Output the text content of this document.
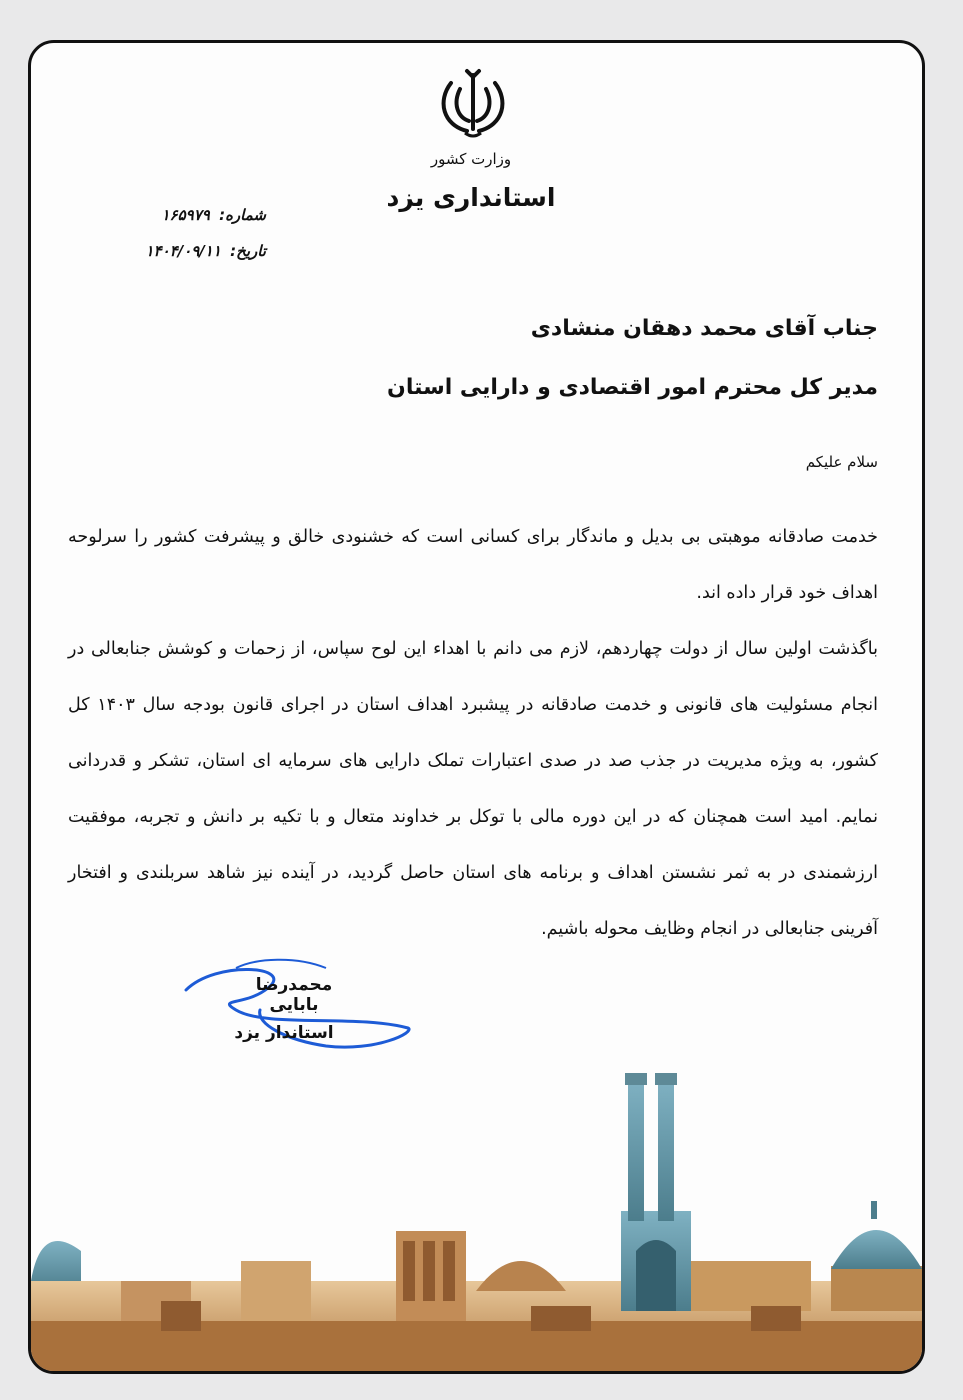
وزارت کشور
استانداری یزد
شماره: ۱۶۵۹۷۹
تاریخ: ۱۴۰۴/۰۹/۱۱
جناب آقای محمد دهقان منشادی
مدیر کل محترم امور اقتصادی و دارایی استان
سلام علیکم

خدمت صادقانه موهبتی بی بدیل و ماندگار برای کسانی است که خشنودی خالق و پیشرفت کشور را سرلوحه اهداف خود قرار داده اند.

باگذشت اولین سال از دولت چهاردهم، لازم می دانم با اهداء این لوح سپاس، از زحمات و کوشش جنابعالی در انجام مسئولیت های قانونی و خدمت صادقانه در پیشبرد اهداف استان در اجرای قانون بودجه سال ۱۴۰۳ کل کشور، به ویژه مدیریت در جذب صد در صدی اعتبارات تملک دارایی های سرمایه ای استان، تشکر و قدردانی نمایم. امید است همچنان که در این دوره مالی با توکل بر خداوند متعال و با تکیه بر دانش و تجربه، موفقیت ارزشمندی در به ثمر نشستن اهداف و برنامه های استان حاصل گردید، در آینده نیز شاهد سربلندی و افتخار آفرینی جنابعالی در انجام وظایف محوله باشیم.

محمدرضا بابایی
استاندار یزد
